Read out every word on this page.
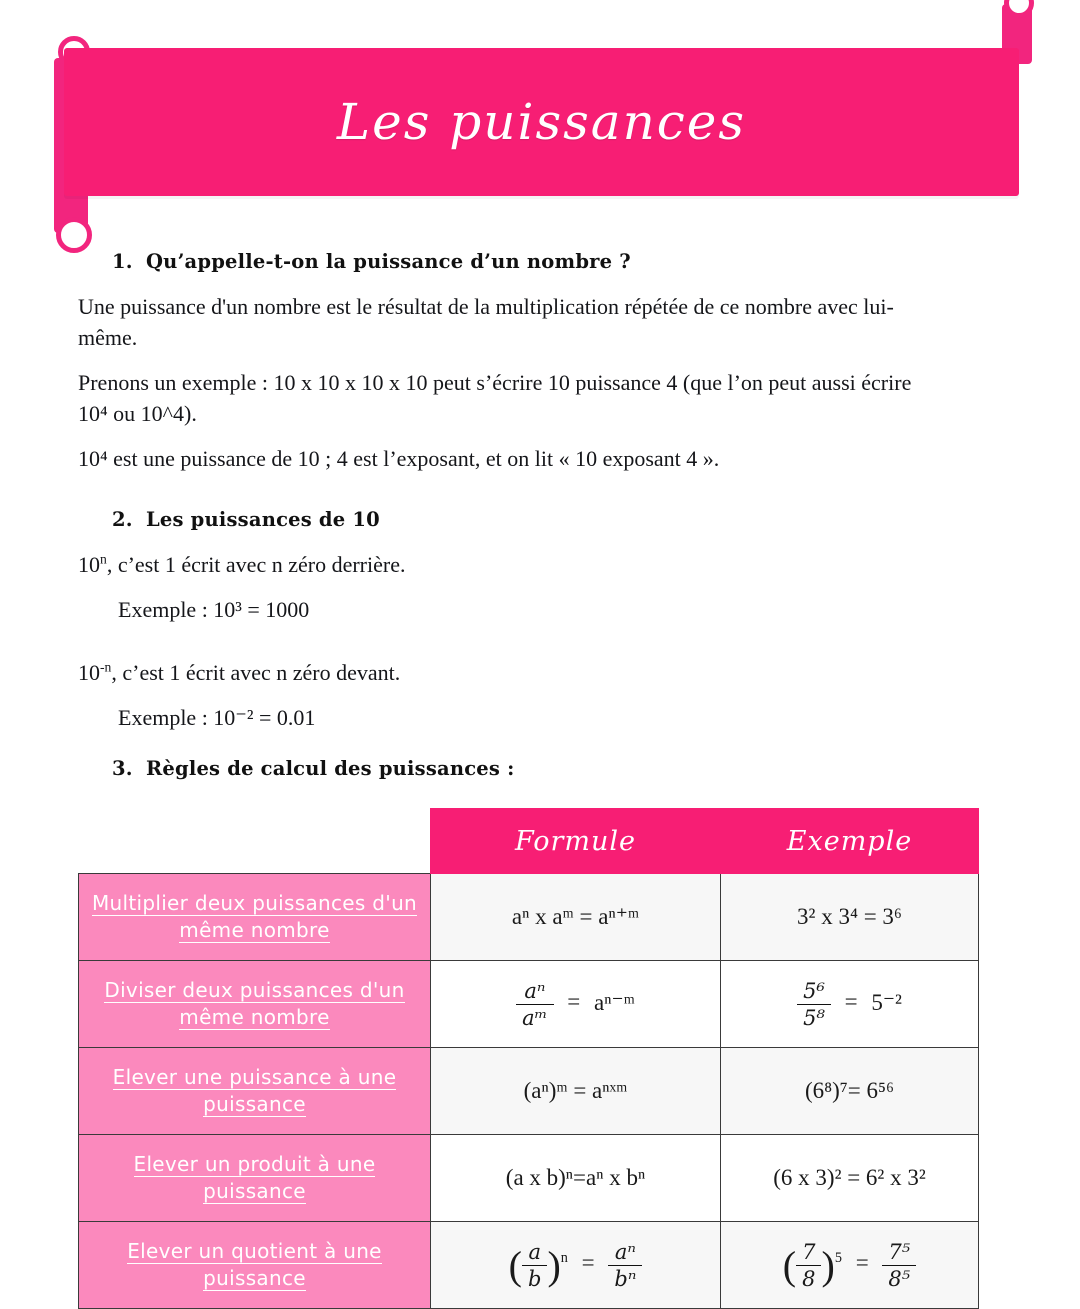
Les puissances
1. Qu’appelle-t-on la puissance d’un nombre ?
Une puissance d'un nombre est le résultat de la multiplication répétée de ce nombre avec lui-même.
Prenons un exemple : 10 x 10 x 10 x 10 peut s’écrire 10 puissance 4 (que l’on peut aussi écrire 10⁴ ou 10^4).
10⁴ est une puissance de 10 ; 4 est l’exposant, et on lit « 10 exposant 4 ».
2. Les puissances de 10
10$^n$, c’est 1 écrit avec n zéro derrière.
Exemple : 10³ = 1000
$10^{-n}$, c’est 1 écrit avec n zéro devant.
Exemple : 10⁻² = 0.01
3. Règles de calcul des puissances :
	Formule	Exemple
Multiplier deux puissances d'un même nombre	aⁿ x aᵐ = aⁿ⁺ᵐ	3² x 3⁴ = 3⁶
Diviser deux puissances d'un même nombre	$\frac{\text{aⁿ}}{\text{aᵐ}}$ = aⁿ⁻ᵐ	$\frac{\text{5⁶}}{\text{5⁸}} = 5^{-2}$
Elever une puissance à une puissance	(aⁿ)ᵐ = aⁿˣᵐ	(6⁸)⁷= 6⁵⁶
Elever un produit à une puissance	(a x b)ⁿ=aⁿ x bⁿ	(6 x 3)² = 6² x 3²
Elever un quotient à une puissance	( $\frac{a}{b} )^n = \frac{\text{aⁿ}}{\text{bⁿ}}$	( $\frac{7}{8} )^5 = \frac{\text{7⁵}}{\text{8⁵}}$
